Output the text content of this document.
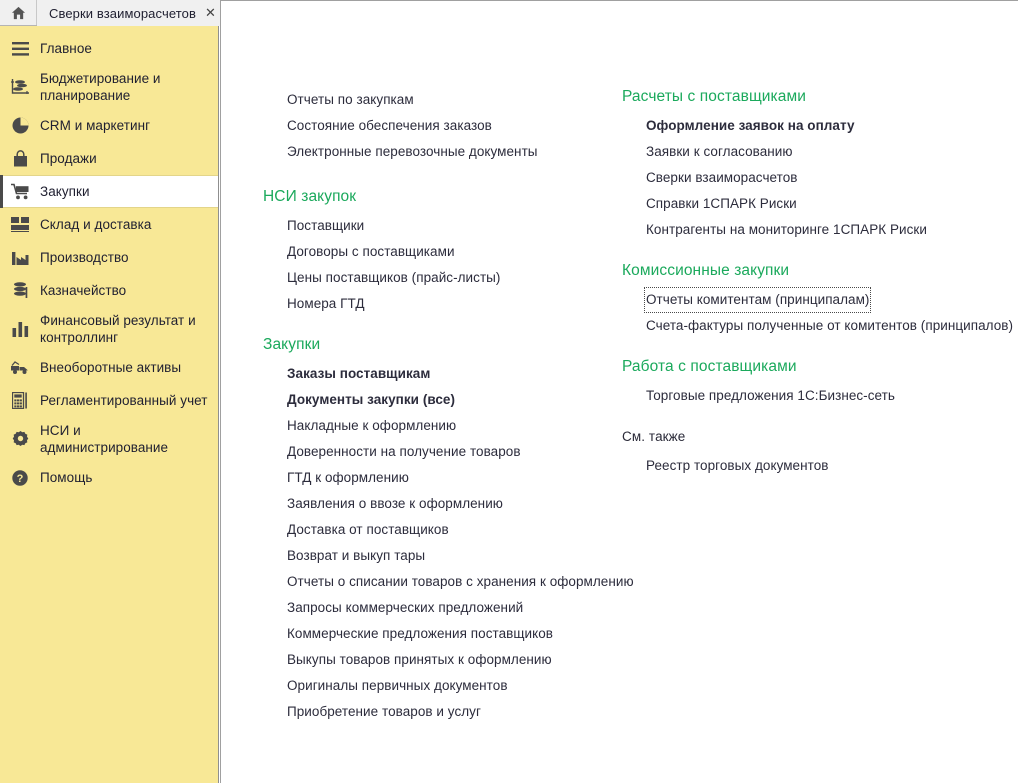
Сверки взаиморасчетов ✕
Главное
Бюджетирование и планирование
CRM и маркетинг
Продажи
Закупки
Склад и доставка
Производство
Казначейство
Финансовый результат и контроллинг
Внеоборотные активы
Регламентированный учет
НСИ и администрирование
? Помощь
Отчеты по закупкам
Состояние обеспечения заказов
Электронные перевозочные документы
НСИ закупок
Поставщики
Договоры с поставщиками
Цены поставщиков (прайс-листы)
Номера ГТД
Закупки
Заказы поставщикам
Документы закупки (все)
Накладные к оформлению
Доверенности на получение товаров
ГТД к оформлению
Заявления о ввозе к оформлению
Доставка от поставщиков
Возврат и выкуп тары
Отчеты о списании товаров с хранения к оформлению
Запросы коммерческих предложений
Коммерческие предложения поставщиков
Выкупы товаров принятых к оформлению
Оригиналы первичных документов
Приобретение товаров и услуг
Расчеты с поставщиками
Оформление заявок на оплату
Заявки к согласованию
Сверки взаиморасчетов
Справки 1СПАРК Риски
Контрагенты на мониторинге 1СПАРК Риски
Комиссионные закупки
Отчеты комитентам (принципалам)
Счета-фактуры полученные от комитентов (принципалов)
Работа с поставщиками
Торговые предложения 1С:Бизнес-сеть
См. также
Реестр торговых документов
